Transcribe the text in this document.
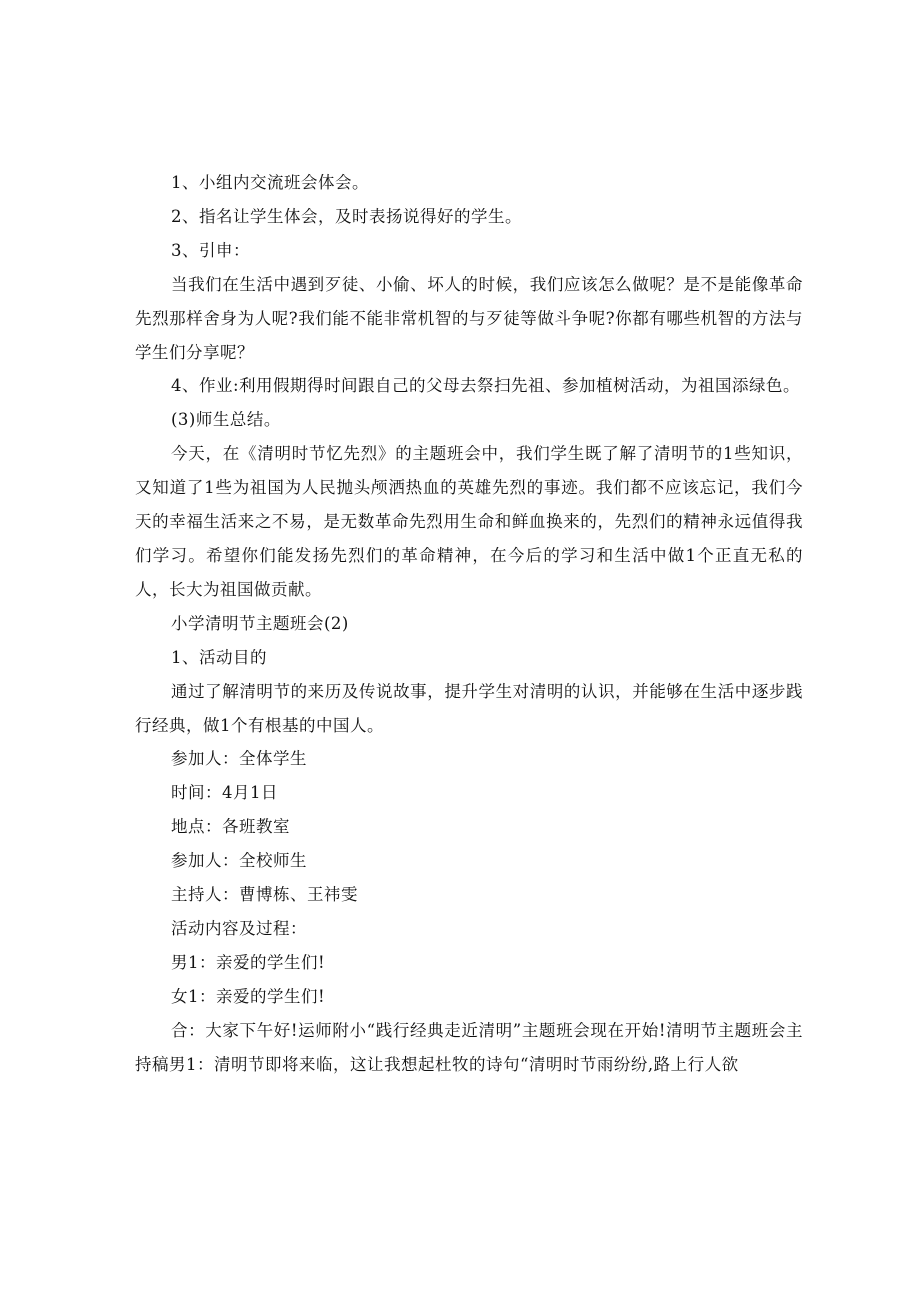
1、小组内交流班会体会。

2、指名让学生体会，及时表扬说得好的学生。

3、引申：

当我们在生活中遇到歹徒、小偷、坏人的时候，我们应该怎么做呢？是不是能像革命先烈那样舍身为人呢?我们能不能非常机智的与歹徒等做斗争呢?你都有哪些机智的方法与学生们分享呢？

4、作业:利用假期得时间跟自己的父母去祭扫先祖、参加植树活动，为祖国添绿色。

(3)师生总结。

今天，在《清明时节忆先烈》的主题班会中，我们学生既了解了清明节的1些知识，又知道了1些为祖国为人民抛头颅洒热血的英雄先烈的事迹。我们都不应该忘记，我们今天的幸福生活来之不易，是无数革命先烈用生命和鲜血换来的，先烈们的精神永远值得我们学习。希望你们能发扬先烈们的革命精神，在今后的学习和生活中做1个正直无私的人，长大为祖国做贡献。

小学清明节主题班会(2)

1、活动目的

通过了解清明节的来历及传说故事，提升学生对清明的认识，并能够在生活中逐步践行经典，做1个有根基的中国人。

参加人：全体学生

时间：4月1日

地点：各班教室

参加人：全校师生

主持人：曹博栋、王祎雯

活动内容及过程：

男1：亲爱的学生们!

女1：亲爱的学生们!

合：大家下午好!运师附小“践行经典走近清明”主题班会现在开始!清明节主题班会主持稿男1：清明节即将来临，这让我想起杜牧的诗句“清明时节雨纷纷,路上行人欲
